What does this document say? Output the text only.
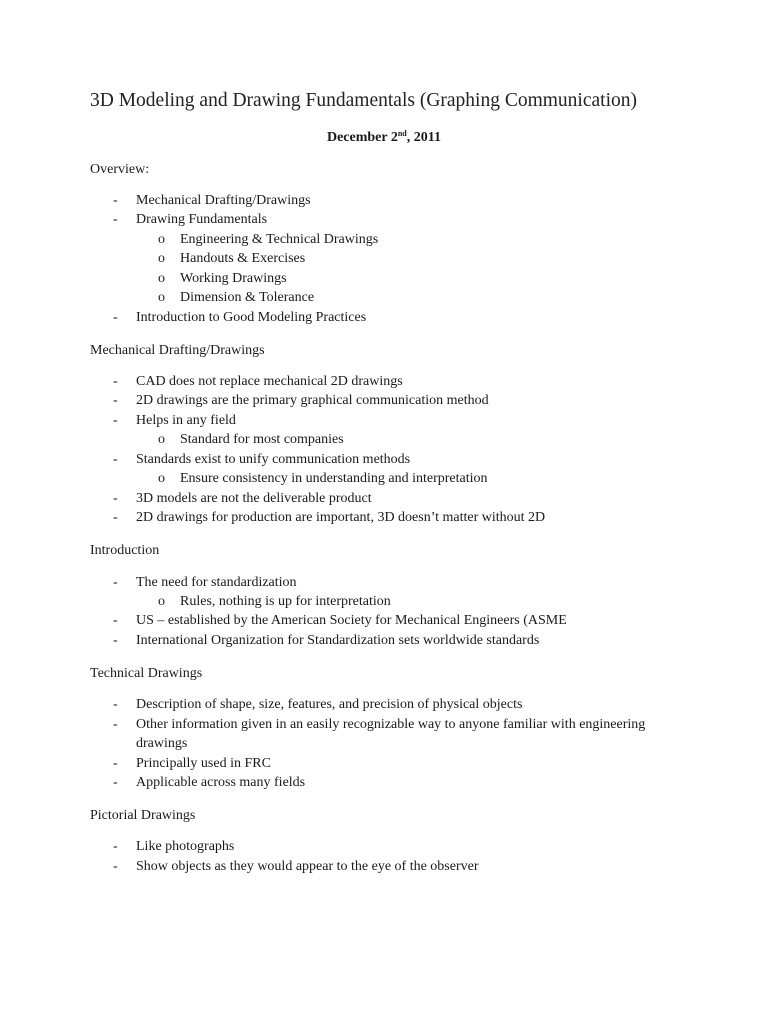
3D Modeling and Drawing Fundamentals (Graphing Communication)
December 2nd, 2011
Overview:
- Mechanical Drafting/Drawings
- Drawing Fundamentals
o Engineering & Technical Drawings
o Handouts & Exercises
o Working Drawings
o Dimension & Tolerance
- Introduction to Good Modeling Practices
Mechanical Drafting/Drawings
- CAD does not replace mechanical 2D drawings
- 2D drawings are the primary graphical communication method
- Helps in any field
o Standard for most companies
- Standards exist to unify communication methods
o Ensure consistency in understanding and interpretation
- 3D models are not the deliverable product
- 2D drawings for production are important, 3D doesn’t matter without 2D
Introduction
- The need for standardization
o Rules, nothing is up for interpretation
- US – established by the American Society for Mechanical Engineers (ASME
- International Organization for Standardization sets worldwide standards
Technical Drawings
- Description of shape, size, features, and precision of physical objects
- Other information given in an easily recognizable way to anyone familiar with engineering
drawings
- Principally used in FRC
- Applicable across many fields
Pictorial Drawings
- Like photographs
- Show objects as they would appear to the eye of the observer
